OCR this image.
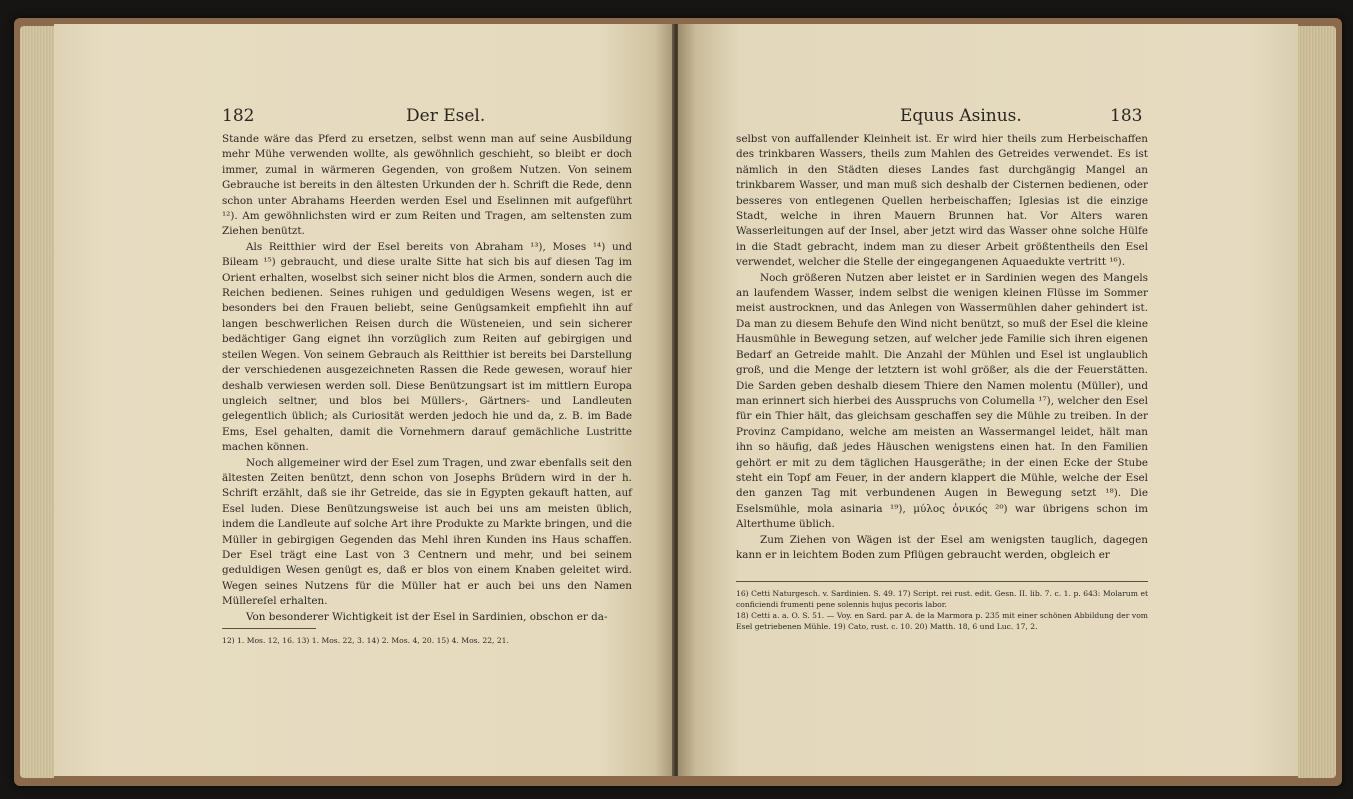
182	Der Esel.

Stande wäre das Pferd zu ersetzen, selbst wenn man auf seine Ausbildung mehr Mühe verwenden wollte, als gewöhnlich geschieht, so bleibt er doch immer, zumal in wärmeren Gegenden, von großem Nutzen. Von seinem Gebrauche ist bereits in den ältesten Urkunden der h. Schrift die Rede, denn schon unter Abrahams Heerden werden Esel und Eselinnen mit aufgeführt ¹²). Am gewöhnlichsten wird er zum Reiten und Tragen, am seltensten zum Ziehen benützt.

Als Reitthier wird der Esel bereits von Abraham ¹³), Moses ¹⁴) und Bileam ¹⁵) gebraucht, und diese uralte Sitte hat sich bis auf diesen Tag im Orient erhalten, woselbst sich seiner nicht blos die Armen, sondern auch die Reichen bedienen. Seines ruhigen und geduldigen Wesens wegen, ist er besonders bei den Frauen beliebt, seine Genügsamkeit empfiehlt ihn auf langen beschwerlichen Reisen durch die Wüsteneien, und sein sicherer bedächtiger Gang eignet ihn vorzüglich zum Reiten auf gebirgigen und steilen Wegen. Von seinem Gebrauch als Reitthier ist bereits bei Darstellung der verschiedenen ausgezeichneten Rassen die Rede gewesen, worauf hier deshalb verwiesen werden soll. Diese Benützungsart ist im mittlern Europa ungleich seltner, und blos bei Müllers-, Gärtners- und Landleuten gelegentlich üblich; als Curiosität werden jedoch hie und da, z. B. im Bade Ems, Esel gehalten, damit die Vornehmern darauf gemächliche Lustritte machen können.

Noch allgemeiner wird der Esel zum Tragen, und zwar ebenfalls seit den ältesten Zeiten benützt, denn schon von Josephs Brüdern wird in der h. Schrift erzählt, daß sie ihr Getreide, das sie in Egypten gekauft hatten, auf Esel luden. Diese Benützungsweise ist auch bei uns am meisten üblich, indem die Landleute auf solche Art ihre Produkte zu Markte bringen, und die Müller in gebirgigen Gegenden das Mehl ihren Kunden ins Haus schaffen. Der Esel trägt eine Last von 3 Centnern und mehr, und bei seinem geduldigen Wesen genügt es, daß er blos von einem Knaben geleitet wird. Wegen seines Nutzens für die Müller hat er auch bei uns den Namen Müllereſel erhalten.

Von besonderer Wichtigkeit ist der Esel in Sardinien, obschon er da-

12) 1. Mos. 12, 16. 13) 1. Mos. 22, 3. 14) 2. Mos. 4, 20. 15) 4. Mos. 22, 21.

Equus Asinus.	183

selbst von auffallender Kleinheit ist. Er wird hier theils zum Herbeischaffen des trinkbaren Wassers, theils zum Mahlen des Getreides verwendet. Es ist nämlich in den Städten dieses Landes fast durchgängig Mangel an trinkbarem Wasser, und man muß sich deshalb der Cisternen bedienen, oder besseres von entlegenen Quellen herbeischaffen; Iglesias ist die einzige Stadt, welche in ihren Mauern Brunnen hat. Vor Alters waren Wasserleitungen auf der Insel, aber jetzt wird das Wasser ohne solche Hülfe in die Stadt gebracht, indem man zu dieser Arbeit größtentheils den Esel verwendet, welcher die Stelle der eingegangenen Aquaedukte vertritt ¹⁶).

Noch größeren Nutzen aber leistet er in Sardinien wegen des Mangels an laufendem Wasser, indem selbst die wenigen kleinen Flüsse im Sommer meist austrocknen, und das Anlegen von Wassermühlen daher gehindert ist. Da man zu diesem Behufe den Wind nicht benützt, so muß der Esel die kleine Hausmühle in Bewegung setzen, auf welcher jede Familie sich ihren eigenen Bedarf an Getreide mahlt. Die Anzahl der Mühlen und Esel ist unglaublich groß, und die Menge der letztern ist wohl größer, als die der Feuerstätten. Die Sarden geben deshalb diesem Thiere den Namen molentu (Müller), und man erinnert sich hierbei des Ausspruchs von Columella ¹⁷), welcher den Esel für ein Thier hält, das gleichsam geschaffen sey die Mühle zu treiben. In der Provinz Campidano, welche am meisten an Wassermangel leidet, hält man ihn so häufig, daß jedes Häuschen wenigstens einen hat. In den Familien gehört er mit zu dem täglichen Hausgeräthe; in der einen Ecke der Stube steht ein Topf am Feuer, in der andern klappert die Mühle, welche der Esel den ganzen Tag mit verbundenen Augen in Bewegung setzt ¹⁸). Die Eselsmühle, mola asinaria ¹⁹), μύλος ὀνικός ²⁰) war übrigens schon im Alterthume üblich.

Zum Ziehen von Wägen ist der Esel am wenigsten tauglich, dagegen kann er in leichtem Boden zum Pflügen gebraucht werden, obgleich er

16) Cetti Naturgesch. v. Sardinien. S. 49. 17) Script. rei rust. edit. Gesn. II. lib. 7. c. 1. p. 643: Molarum et conficiendi frumenti pene solennis hujus pecoris labor.

18) Cetti a. a. O. S. 51. — Voy. en Sard. par A. de la Marmora p. 235 mit einer schönen Abbildung der vom Esel getriebenen Mühle. 19) Cato, rust. c. 10. 20) Matth. 18, 6 und Luc. 17, 2.
